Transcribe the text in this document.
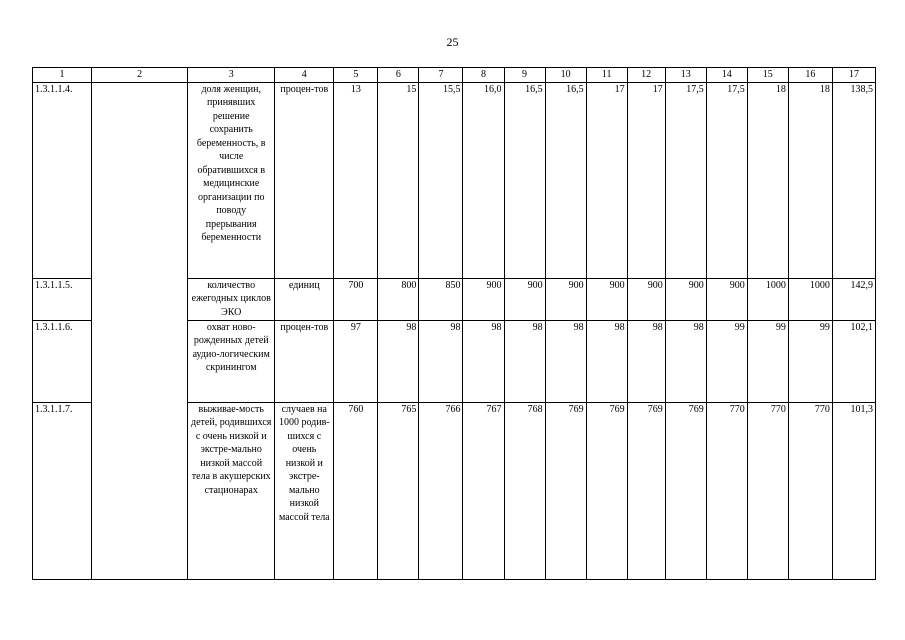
25
1	2	3	4	5	6	7	8	9	10	11	12	13	14	15	16	17
1.3.1.1.4.		доля женщин, принявших решение сохранить беременность, в числе обратившихся в медицинские организации по поводу прерывания беременности	процен-тов	13	15	15,5	16,0	16,5	16,5	17	17	17,5	17,5	18	18	138,5
1.3.1.1.5.		количество ежегодных циклов ЭКО	единиц	700	800	850	900	900	900	900	900	900	900	1000	1000	142,9
1.3.1.1.6.		охват ново-рожденных детей аудио-логическим скринингом	процен-тов	97	98	98	98	98	98	98	98	98	99	99	99	102,1
1.3.1.1.7.		выживае-мость детей, родившихся с очень низкой и экстре-мально низкой массой тела в акушерских стационарах	случаев на 1000 родив-шихся с очень низкой и экстре-мально низкой массой тела	760	765	766	767	768	769	769	769	769	770	770	770	101,3
